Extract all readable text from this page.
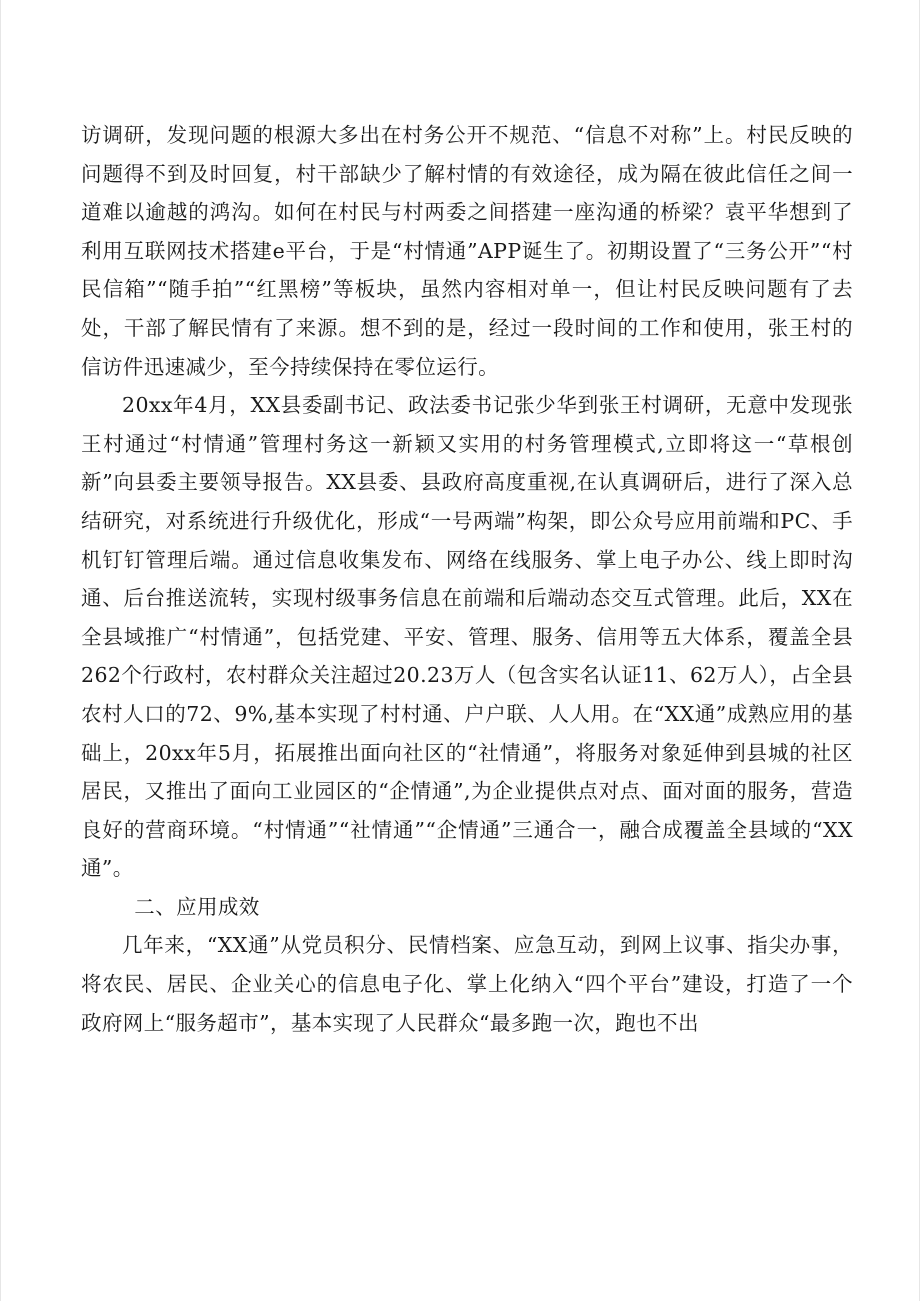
访调研，发现问题的根源大多出在村务公开不规范、“信息不对称”上。村民反映的问题得不到及时回复，村干部缺少了解村情的有效途径，成为隔在彼此信任之间一道难以逾越的鸿沟。如何在村民与村两委之间搭建一座沟通的桥梁？袁平华想到了利用互联网技术搭建e平台，于是“村情通”APP诞生了。初期设置了“三务公开”“村民信箱”“随手拍”“红黑榜”等板块，虽然内容相对单一，但让村民反映问题有了去处，干部了解民情有了来源。想不到的是，经过一段时间的工作和使用，张王村的信访件迅速减少，至今持续保持在零位运行。

20xx年4月，XX县委副书记、政法委书记张少华到张王村调研，无意中发现张王村通过“村情通”管理村务这一新颖又实用的村务管理模式,立即将这一“草根创新”向县委主要领导报告。XX县委、县政府高度重视,在认真调研后，进行了深入总结研究，对系统进行升级优化，形成“一号两端”构架，即公众号应用前端和PC、手机钉钉管理后端。通过信息收集发布、网络在线服务、掌上电子办公、线上即时沟通、后台推送流转，实现村级事务信息在前端和后端动态交互式管理。此后，XX在全县域推广“村情通”，包括党建、平安、管理、服务、信用等五大体系，覆盖全县262个行政村，农村群众关注超过20.23万人（包含实名认证11、62万人），占全县农村人口的72、9%,基本实现了村村通、户户联、人人用。在“XX通”成熟应用的基础上，20xx年5月，拓展推出面向社区的“社情通”，将服务对象延伸到县城的社区居民，又推出了面向工业园区的“企情通”,为企业提供点对点、面对面的服务，营造良好的营商环境。“村情通”“社情通”“企情通”三通合一，融合成覆盖全县域的“XX通”。

二、应用成效

几年来，“XX通”从党员积分、民情档案、应急互动，到网上议事、指尖办事，将农民、居民、企业关心的信息电子化、掌上化纳入“四个平台”建设，打造了一个政府网上“服务超市”，基本实现了人民群众“最多跑一次，跑也不出
